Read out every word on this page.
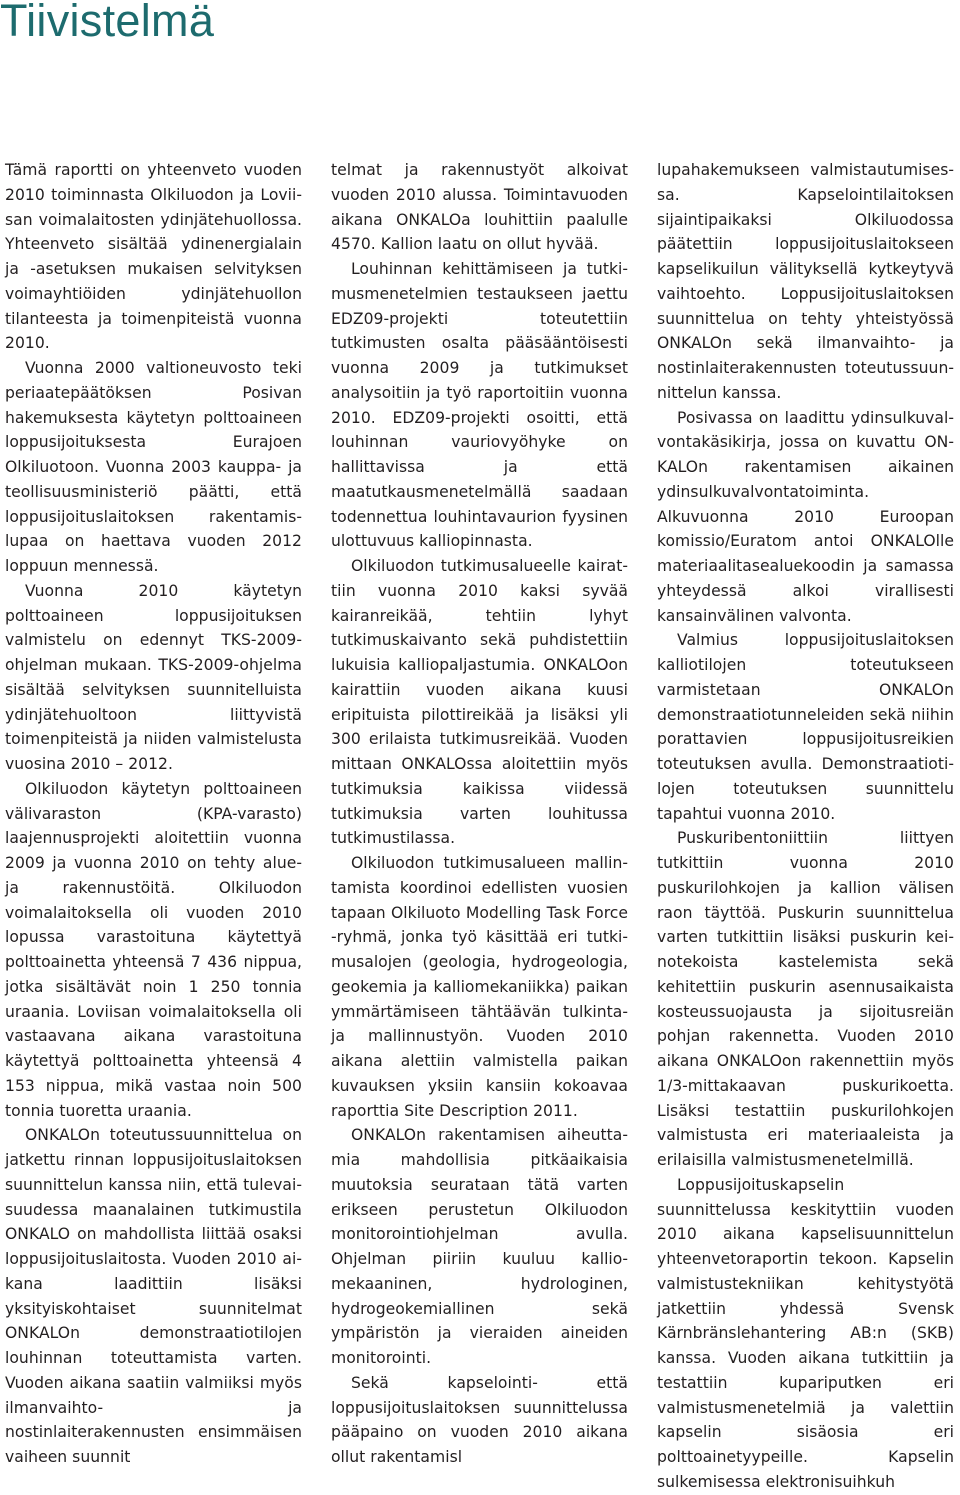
Tiivistelmä

Tämä raportti on yhteenveto vuoden 2010 toiminnasta Olkiluodon ja Loviisan voimalaitosten ydinjätehuollossa. Yhteenveto sisältää ydinenergialain ja -asetuksen mukaisen selvityksen voimayhtiöiden ydinjätehuollon tilanteesta ja toimenpiteistä vuonna 2010.

Vuonna 2000 valtioneuvosto teki periaatepäätöksen Posivan hakemuksesta käytetyn polttoaineen loppusijoituksesta Eurajoen Olkiluotoon. Vuonna 2003 kauppa- ja teollisuusministeriö päätti, että loppusijoituslaitoksen rakentamislupaa on haettava vuoden 2012 loppuun mennessä.

Vuonna 2010 käytetyn polttoaineen loppusijoituksen valmistelu on edennyt TKS-2009-ohjelman mukaan. TKS-2009-ohjelma sisältää selvityksen suunnitelluista ydinjätehuoltoon liittyvistä toimenpiteistä ja niiden valmistelusta vuosina 2010 – 2012.

Olkiluodon käytetyn polttoaineen välivaraston (KPA-varasto) laajennusprojekti aloitettiin vuonna 2009 ja vuonna 2010 on tehty alue- ja rakennustöitä. Olkiluodon voimalaitoksella oli vuoden 2010 lopussa varastoituna käytettyä polttoainetta yhteensä 7 436 nippua, jotka sisältävät noin 1 250 tonnia uraania. Loviisan voimalaitoksella oli vastaavana aikana varastoituna käytettyä polttoainetta yhteensä 4 153 nippua, mikä vastaa noin 500 tonnia tuoretta uraania.

ONKALOn toteutussuunnittelua on jatkettu rinnan loppusijoituslaitoksen suunnittelun kanssa niin, että tulevaisuudessa maanalainen tutkimustila ONKALO on mahdollista liittää osaksi loppusijoituslaitosta. Vuoden 2010 aikana laadittiin lisäksi yksityiskohtaiset suunnitelmat ONKALOn demonstraatiotilojen louhinnan toteuttamista varten. Vuoden aikana saatiin valmiiksi myös ilmanvaihto- ja nostinlaiterakennusten ensimmäisen vaiheen suunnit

telmat ja rakennustyöt alkoivat vuoden 2010 alussa. Toimintavuoden aikana ONKALOa louhittiin paalulle 4570. Kallion laatu on ollut hyvää.

Louhinnan kehittämiseen ja tutkimusmenetelmien testaukseen jaettu EDZ09-projekti toteutettiin tutkimusten osalta pääsääntöisesti vuonna 2009 ja tutkimukset analysoitiin ja työ raportoitiin vuonna 2010. EDZ09-projekti osoitti, että louhinnan vauriovyöhyke on hallittavissa ja että maatutkausmenetelmällä saadaan todennettua louhintavaurion fyysinen ulottuvuus kalliopinnasta.

Olkiluodon tutkimusalueelle kairattiin vuonna 2010 kaksi syvää kairanreikää, tehtiin lyhyt tutkimuskaivanto sekä puhdistettiin lukuisia kalliopaljastumia. ONKALOon kairattiin vuoden aikana kuusi eripituista pilottireikää ja lisäksi yli 300 erilaista tutkimusreikää. Vuoden mittaan ONKALOssa aloitettiin myös tutkimuksia kaikissa viidessä tutkimuksia varten louhitussa tutkimustilassa.

Olkiluodon tutkimusalueen mallintamista koordinoi edellisten vuosien tapaan Olkiluoto Modelling Task Force -ryhmä, jonka työ käsittää eri tutkimusalojen (geologia, hydrogeologia, geokemia ja kalliomekaniikka) paikan ymmärtämiseen tähtäävän tulkinta- ja mallinnustyön. Vuoden 2010 aikana alettiin valmistella paikan kuvauksen yksiin kansiin kokoavaa raporttia Site Description 2011.

ONKALOn rakentamisen aiheuttamia mahdollisia pitkäaikaisia muutoksia seurataan tätä varten erikseen perustetun Olkiluodon monitorointiohjelman avulla. Ohjelman piiriin kuuluu kalliomekaaninen, hydrologinen, hydrogeokemiallinen sekä ympäristön ja vieraiden aineiden monitorointi.

Sekä kapselointi- että loppusijoituslaitoksen suunnittelussa pääpaino on vuoden 2010 aikana ollut rakentamisl

lupahakemukseen valmistautumisessa. Kapselointilaitoksen sijaintipaikaksi Olkiluodossa päätettiin loppusijoituslaitokseen kapselikuilun välityksellä kytkeytyvä vaihtoehto. Loppusijoituslaitoksen suunnittelua on tehty yhteistyössä ONKALOn sekä ilmanvaihto- ja nostinlaiterakennusten toteutussuunnittelun kanssa.

Posivassa on laadittu ydinsulkuvalvontakäsikirja, jossa on kuvattu ONKALOn rakentamisen aikainen ydinsulkuvalvontatoiminta. Alkuvuonna 2010 Euroopan komissio/Euratom antoi ONKALOlle materiaalitasealuekoodin ja samassa yhteydessä alkoi virallisesti kansainvälinen valvonta.

Valmius loppusijoituslaitoksen kalliotilojen toteutukseen varmistetaan ONKALOn demonstraatiotunneleiden sekä niihin porattavien loppusijoitusreikien toteutuksen avulla. Demonstraatiotilojen toteutuksen suunnittelu tapahtui vuonna 2010.

Puskuribentoniittiin liittyen tutkittiin vuonna 2010 puskurilohkojen ja kallion välisen raon täyttöä. Puskurin suunnittelua varten tutkittiin lisäksi puskurin keinotekoista kastelemista sekä kehitettiin puskurin asennusaikaista kosteussuojausta ja sijoitusreiän pohjan rakennetta. Vuoden 2010 aikana ONKALOon rakennettiin myös 1/3-mittakaavan puskurikoetta. Lisäksi testattiin puskurilohkojen valmistusta eri materiaaleista ja erilaisilla valmistusmenetelmillä.

Loppusijoituskapselin suunnittelussa keskityttiin vuoden 2010 aikana kapselisuunnittelun yhteenvetoraportin tekoon. Kapselin valmistustekniikan kehitystyötä jatkettiin yhdessä Svensk Kärnbränslehantering AB:n (SKB) kanssa. Vuoden aikana tutkittiin ja testattiin kupariputken eri valmistusmenetelmiä ja valettiin kapselin sisäosia eri polttoainetyypeille. Kapselin sulkemisessa elektronisuihkuh
